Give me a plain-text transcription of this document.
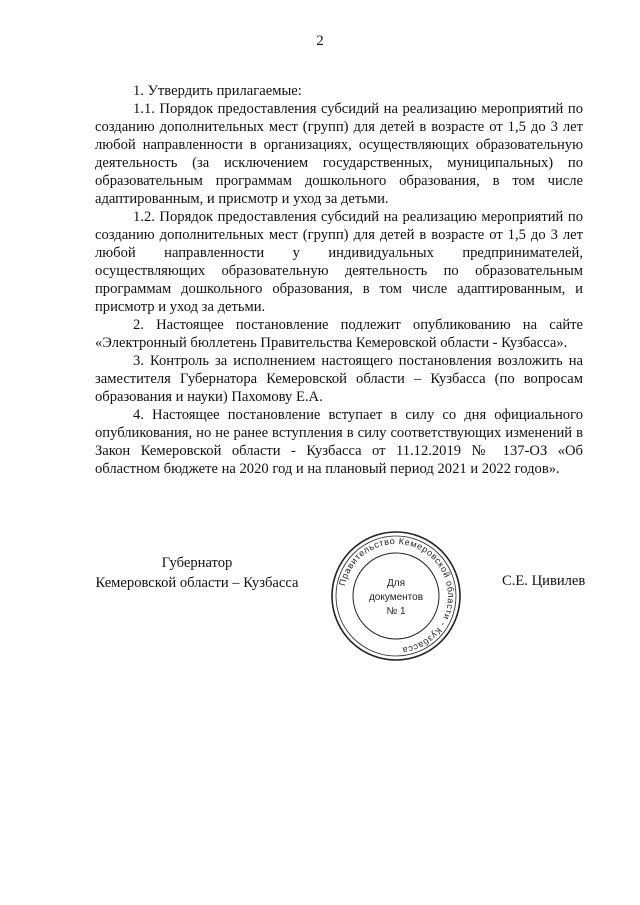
2

1. Утвердить прилагаемые:

1.1. Порядок предоставления субсидий на реализацию мероприятий по созданию дополнительных мест (групп) для детей в возрасте от 1,5 до 3 лет любой направленности в организациях, осуществляющих образовательную деятельность (за исключением государственных, муниципальных) по образовательным программам дошкольного образования, в том числе адаптированным, и присмотр и уход за детьми.

1.2. Порядок предоставления субсидий на реализацию мероприятий по созданию дополнительных мест (групп) для детей в возрасте от 1,5 до 3 лет любой направленности у индивидуальных предпринимателей, осуществляющих образовательную деятельность по образовательным программам дошкольного образования, в том числе адаптированным, и присмотр и уход за детьми.

2. Настоящее постановление подлежит опубликованию на сайте «Электронный бюллетень Правительства Кемеровской области - Кузбасса».

3. Контроль за исполнением настоящего постановления возложить на заместителя Губернатора Кемеровской области – Кузбасса (по вопросам образования и науки) Пахомову Е.А.

4. Настоящее постановление вступает в силу со дня официального опубликования, но не ранее вступления в силу соответствующих изменений в Закон Кемеровской области - Кузбасса от 11.12.2019 № 137-ОЗ «Об областном бюджете на 2020 год и на плановый период 2021 и 2022 годов».

Губернатор
Кемеровской области – Кузбасса	Правительство Кемеровской области - Кузбасса
Для
документов
№ 1
С.Е. Цивилев
